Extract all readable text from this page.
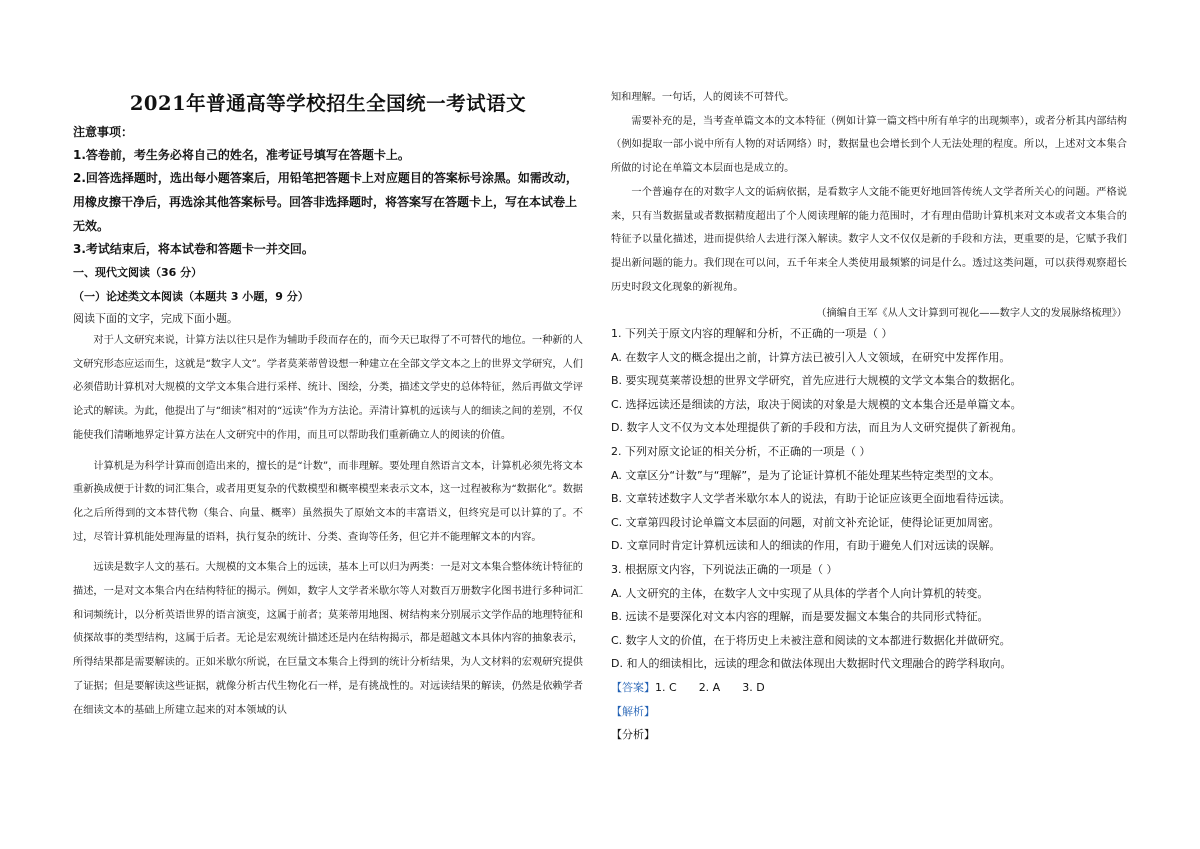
2021年普通高等学校招生全国统一考试语文
注意事项：
1.答卷前，考生务必将自己的姓名，准考证号填写在答题卡上。
2.回答选择题时，选出每小题答案后，用铅笔把答题卡上对应题目的答案标号涂黑。如需改动，
用橡皮擦干净后，再选涂其他答案标号。回答非选择题时，将答案写在答题卡上，写在本试卷上
无效。
3.考试结束后，将本试卷和答题卡一并交回。
一、现代文阅读（36 分）
（一）论述类文本阅读（本题共 3 小题，9 分）
阅读下面的文字，完成下面小题。

对于人文研究来说，计算方法以往只是作为辅助手段而存在的，而今天已取得了不可替代的地位。一种新的人文研究形态应运而生，这就是“数字人文”。学者莫莱蒂曾设想一种建立在全部文学文本之上的世界文学研究，人们必须借助计算机对大规模的文学文本集合进行采样、统计、图绘，分类，描述文学史的总体特征，然后再做文学评论式的解读。为此，他提出了与“细读”相对的“远读”作为方法论。弄清计算机的远读与人的细读之间的差别，不仅能使我们清晰地界定计算方法在人文研究中的作用，而且可以帮助我们重新确立人的阅读的价值。

计算机是为科学计算而创造出来的，擅长的是“计数”，而非理解。要处理自然语言文本，计算机必须先将文本重新换成便于计数的词汇集合，或者用更复杂的代数模型和概率模型来表示文本，这一过程被称为“数据化”。数据化之后所得到的文本替代物（集合、向量、概率）虽然损失了原始文本的丰富语义，但终究是可以计算的了。不过，尽管计算机能处理海量的语料，执行复杂的统计、分类、查询等任务，但它并不能理解文本的内容。

远读是数字人文的基石。大规模的文本集合上的远读，基本上可以归为两类：一是对文本集合整体统计特征的描述，一是对文本集合内在结构特征的揭示。例如，数字人文学者米歇尔等人对数百万册数字化图书进行多种词汇和词频统计，以分析英语世界的语言演变，这属于前者；莫莱蒂用地图、树结构来分别展示文学作品的地理特征和侦探故事的类型结构，这属于后者。无论是宏观统计描述还是内在结构揭示，都是超越文本具体内容的抽象表示，所得结果都是需要解读的。正如米歇尔所说，在巨量文本集合上得到的统计分析结果，为人文材料的宏观研究提供了证据；但是要解读这些证据，就像分析古代生物化石一样，是有挑战性的。对远读结果的解读，仍然是依赖学者在细读文本的基础上所建立起来的对本领域的认

知和理解。一句话，人的阅读不可替代。

需要补充的是，当考查单篇文本的文本特征（例如计算一篇文档中所有单字的出现频率），或者分析其内部结构（例如提取一部小说中所有人物的对话网络）时，数据量也会增长到个人无法处理的程度。所以，上述对文本集合所做的讨论在单篇文本层面也是成立的。

一个普遍存在的对数字人文的诟病依据，是看数字人文能不能更好地回答传统人文学者所关心的问题。严格说来，只有当数据量或者数据精度超出了个人阅读理解的能力范围时，才有理由借助计算机来对文本或者文本集合的特征予以量化描述，进而提供给人去进行深入解读。数字人文不仅仅是新的手段和方法，更重要的是，它赋予我们提出新问题的能力。我们现在可以问，五千年来全人类使用最频繁的词是什么。透过这类问题，可以获得观察超长历史时段文化现象的新视角。

（摘编自王军《从人文计算到可视化——数字人文的发展脉络梳理》）
1. 下列关于原文内容的理解和分析，不正确的一项是（ ）
A. 在数字人文的概念提出之前，计算方法已被引入人文领域，在研究中发挥作用。
B. 要实现莫莱蒂设想的世界文学研究，首先应进行大规模的文学文本集合的数据化。
C. 选择远读还是细读的方法，取决于阅读的对象是大规模的文本集合还是单篇文本。
D. 数字人文不仅为文本处理提供了新的手段和方法，而且为人文研究提供了新视角。
2. 下列对原文论证的相关分析，不正确的一项是（ ）
A. 文章区分“计数”与“理解”，是为了论证计算机不能处理某些特定类型的文本。
B. 文章转述数字人文学者米歇尔本人的说法，有助于论证应该更全面地看待远读。
C. 文章第四段讨论单篇文本层面的问题，对前文补充论证，使得论证更加周密。
D. 文章同时肯定计算机远读和人的细读的作用，有助于避免人们对远读的误解。
3. 根据原文内容，下列说法正确的一项是（ ）
A. 人文研究的主体，在数字人文中实现了从具体的学者个人向计算机的转变。
B. 远读不是要深化对文本内容的理解，而是要发掘文本集合的共同形式特征。
C. 数字人文的价值，在于将历史上未被注意和阅读的文本都进行数据化并做研究。
D. 和人的细读相比，远读的理念和做法体现出大数据时代文理融合的跨学科取向。
【答案】1. C 2. A 3. D
【解析】
【分析】
